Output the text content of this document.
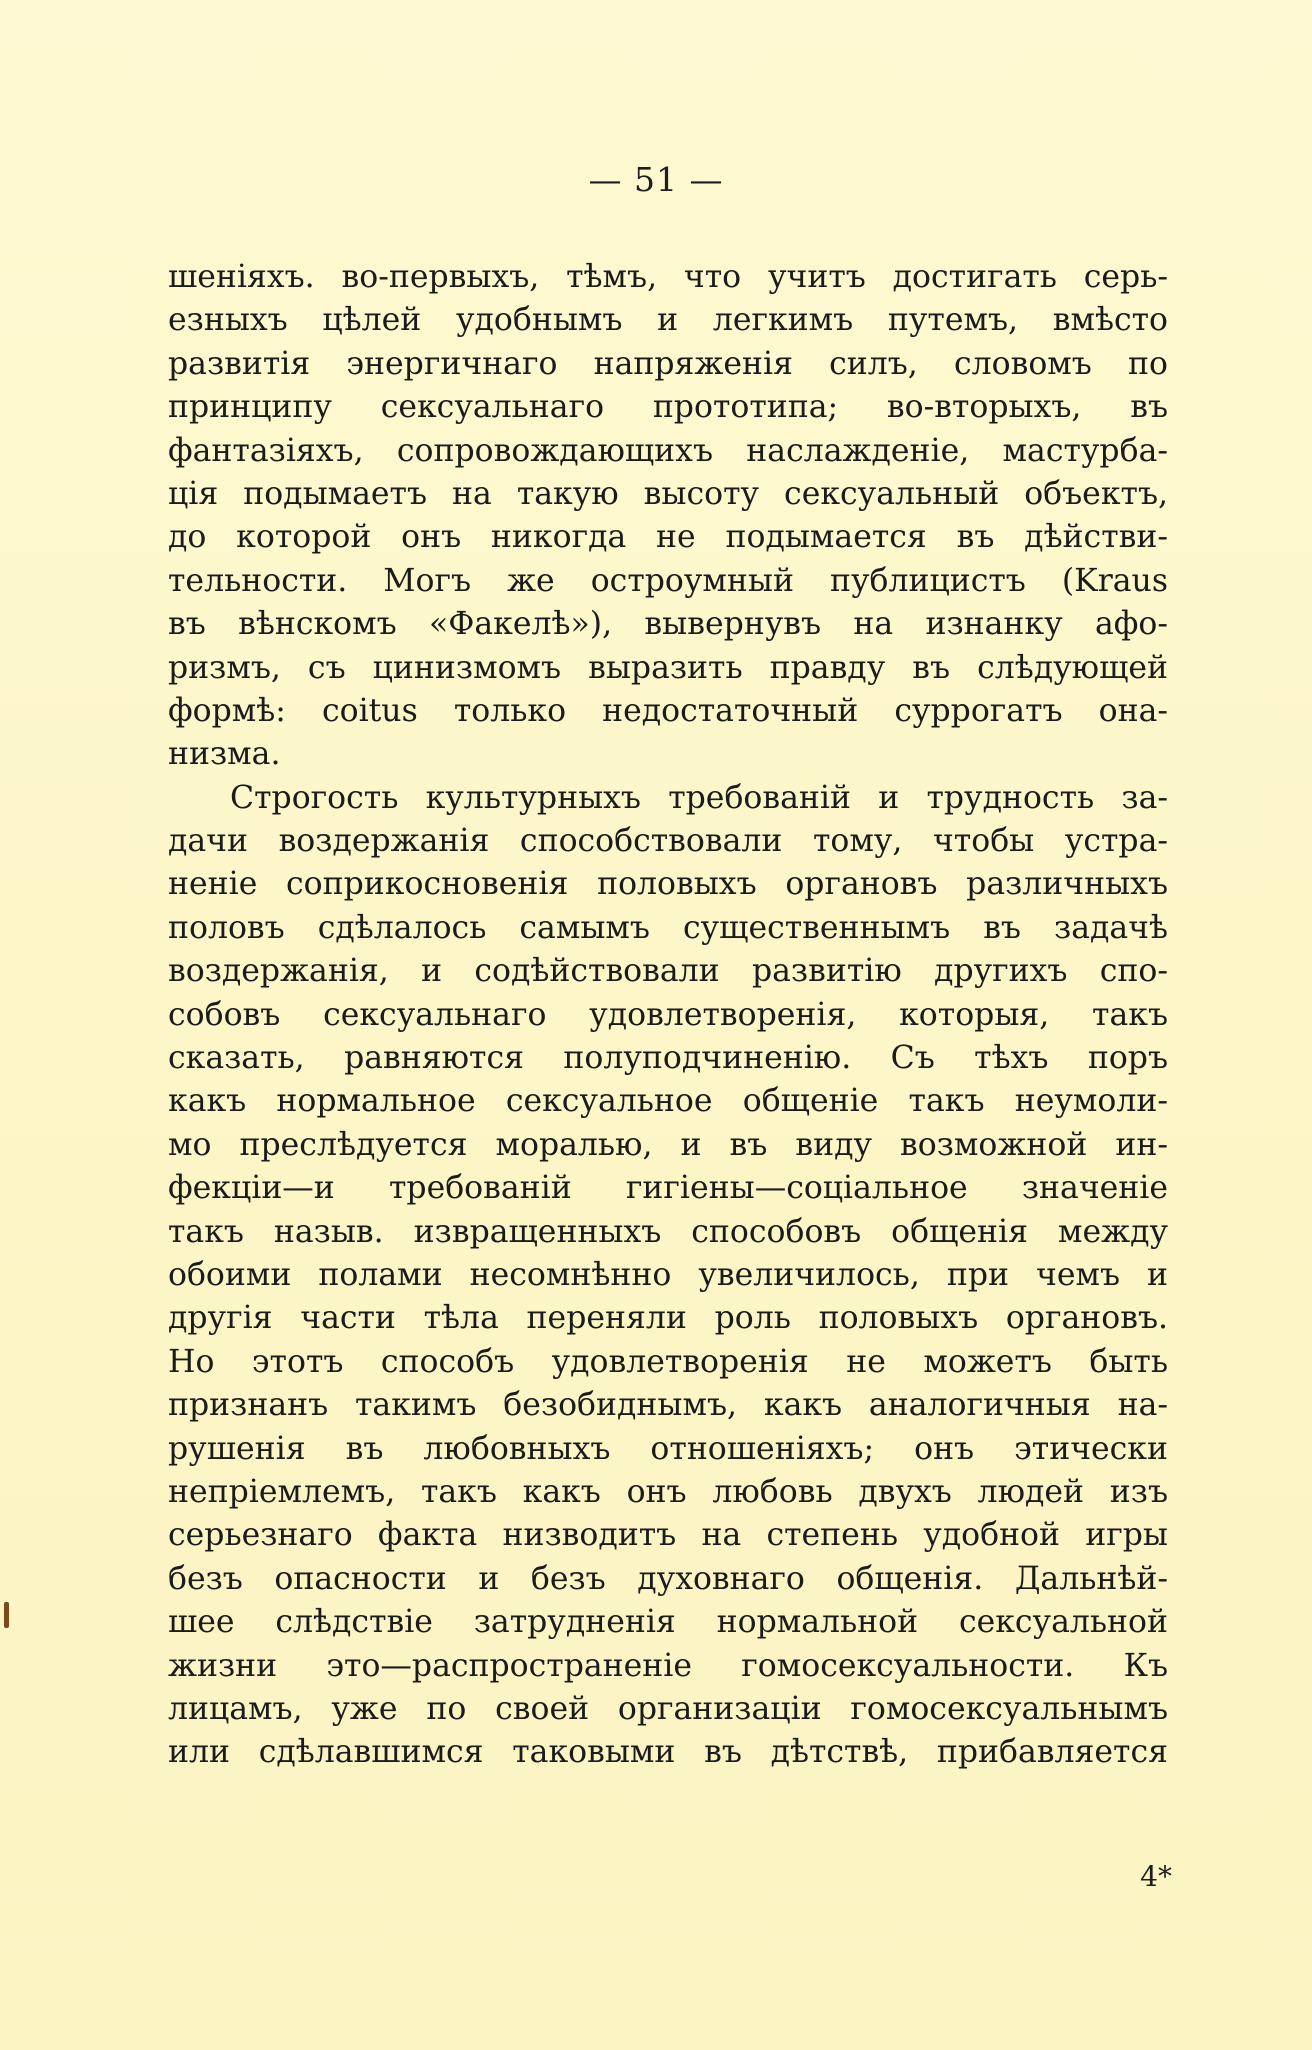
— 51 —
шеніяхъ. во-первыхъ, тѣмъ, что учитъ достигать серь-
езныхъ цѣлей удобнымъ и легкимъ путемъ, вмѣсто
развитія энергичнаго напряженія силъ, словомъ по
принципу сексуальнаго прототипа; во-вторыхъ, въ
фантазіяхъ, сопровождающихъ наслажденіе, мастурба-
ція подымаетъ на такую высоту сексуальный объектъ,
до которой онъ никогда не подымается въ дѣйстви-
тельности. Могъ же остроумный публицистъ (Kraus
въ вѣнскомъ «Факелѣ»), вывернувъ на изнанку афо-
ризмъ, съ цинизмомъ выразить правду въ слѣдующей
формѣ: coitus только недостаточный суррогатъ она-
низма.
Строгость культурныхъ требованій и трудность за-
дачи воздержанія способствовали тому, чтобы устра-
неніе соприкосновенія половыхъ органовъ различныхъ
половъ сдѣлалось самымъ существеннымъ въ задачѣ
воздержанія, и содѣйствовали развитію другихъ спо-
собовъ сексуальнаго удовлетворенія, которыя, такъ
сказать, равняются полуподчиненію. Съ тѣхъ поръ
какъ нормальное сексуальное общеніе такъ неумоли-
мо преслѣдуется моралью, и въ виду возможной ин-
фекціи—и требованій гигіены—соціальное значеніе
такъ назыв. извращенныхъ способовъ общенія между
обоими полами несомнѣнно увеличилось, при чемъ и
другія части тѣла переняли роль половыхъ органовъ.
Но этотъ способъ удовлетворенія не можетъ быть
признанъ такимъ безобиднымъ, какъ аналогичныя на-
рушенія въ любовныхъ отношеніяхъ; онъ этически
непріемлемъ, такъ какъ онъ любовь двухъ людей изъ
серьезнаго факта низводитъ на степень удобной игры
безъ опасности и безъ духовнаго общенія. Дальнѣй-
шее слѣдствіе затрудненія нормальной сексуальной
жизни это—распространеніе гомосексуальности. Къ
лицамъ, уже по своей организаціи гомосексуальнымъ
или сдѣлавшимся таковыми въ дѣтствѣ, прибавляется
4*
